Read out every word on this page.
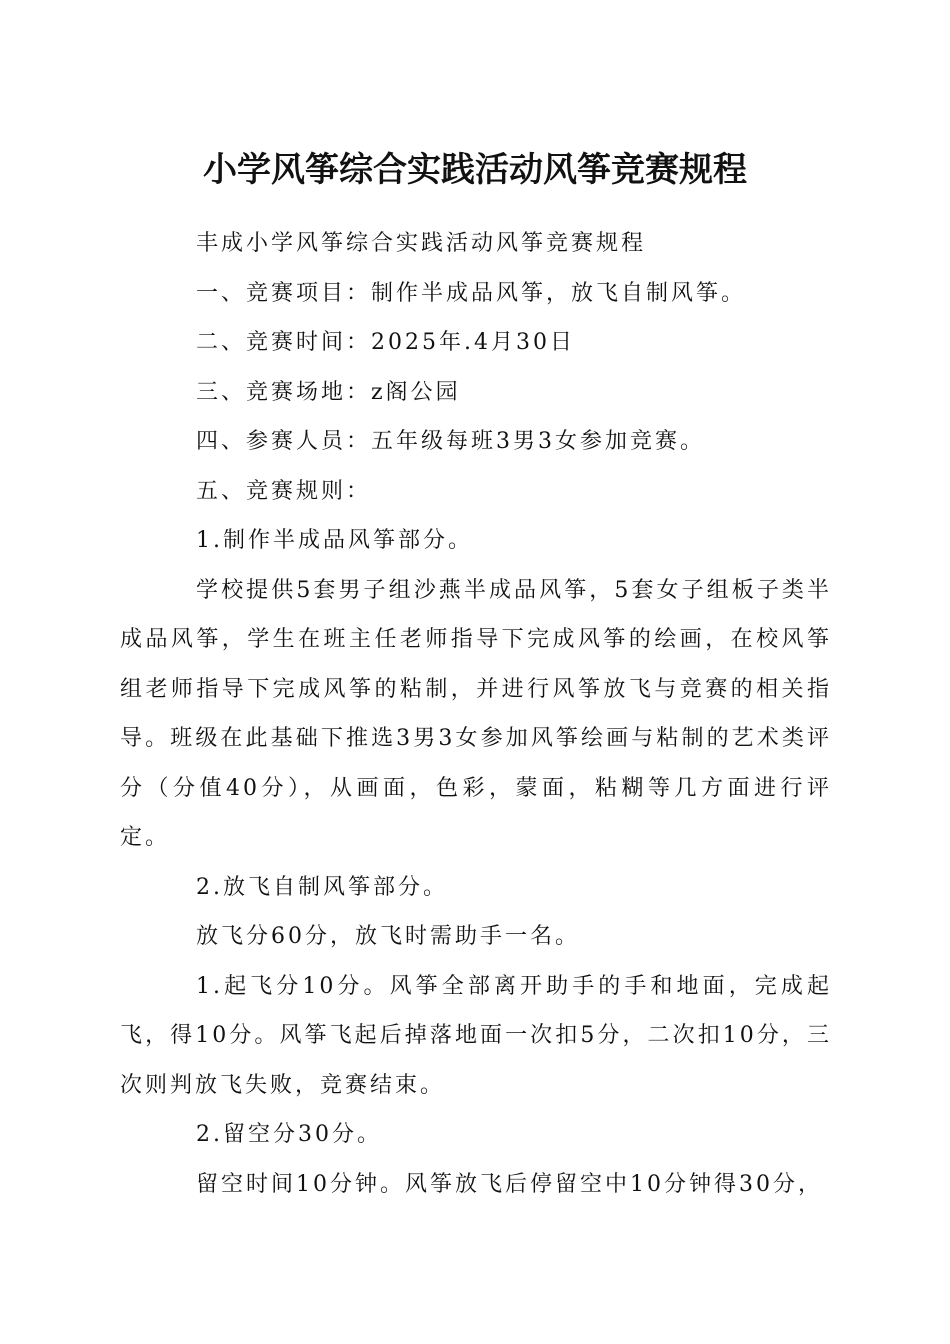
小学风筝综合实践活动风筝竞赛规程

丰成小学风筝综合实践活动风筝竞赛规程

一、竞赛项目：制作半成品风筝，放飞自制风筝。

二、竞赛时间：2025年.4月30日

三、竞赛场地：z阁公园

四、参赛人员：五年级每班3男3女参加竞赛。

五、竞赛规则：

1.制作半成品风筝部分。

学校提供5套男子组沙燕半成品风筝，5套女子组板子类半成品风筝，学生在班主任老师指导下完成风筝的绘画，在校风筝组老师指导下完成风筝的粘制，并进行风筝放飞与竞赛的相关指导。班级在此基础下推选3男3女参加风筝绘画与粘制的艺术类评分（分值40分），从画面，色彩，蒙面，粘糊等几方面进行评定。

2.放飞自制风筝部分。

放飞分60分，放飞时需助手一名。

1.起飞分10分。风筝全部离开助手的手和地面，完成起飞，得10分。风筝飞起后掉落地面一次扣5分，二次扣10分，三次则判放飞失败，竞赛结束。

2.留空分30分。

留空时间10分钟。风筝放飞后停留空中10分钟得30分，
